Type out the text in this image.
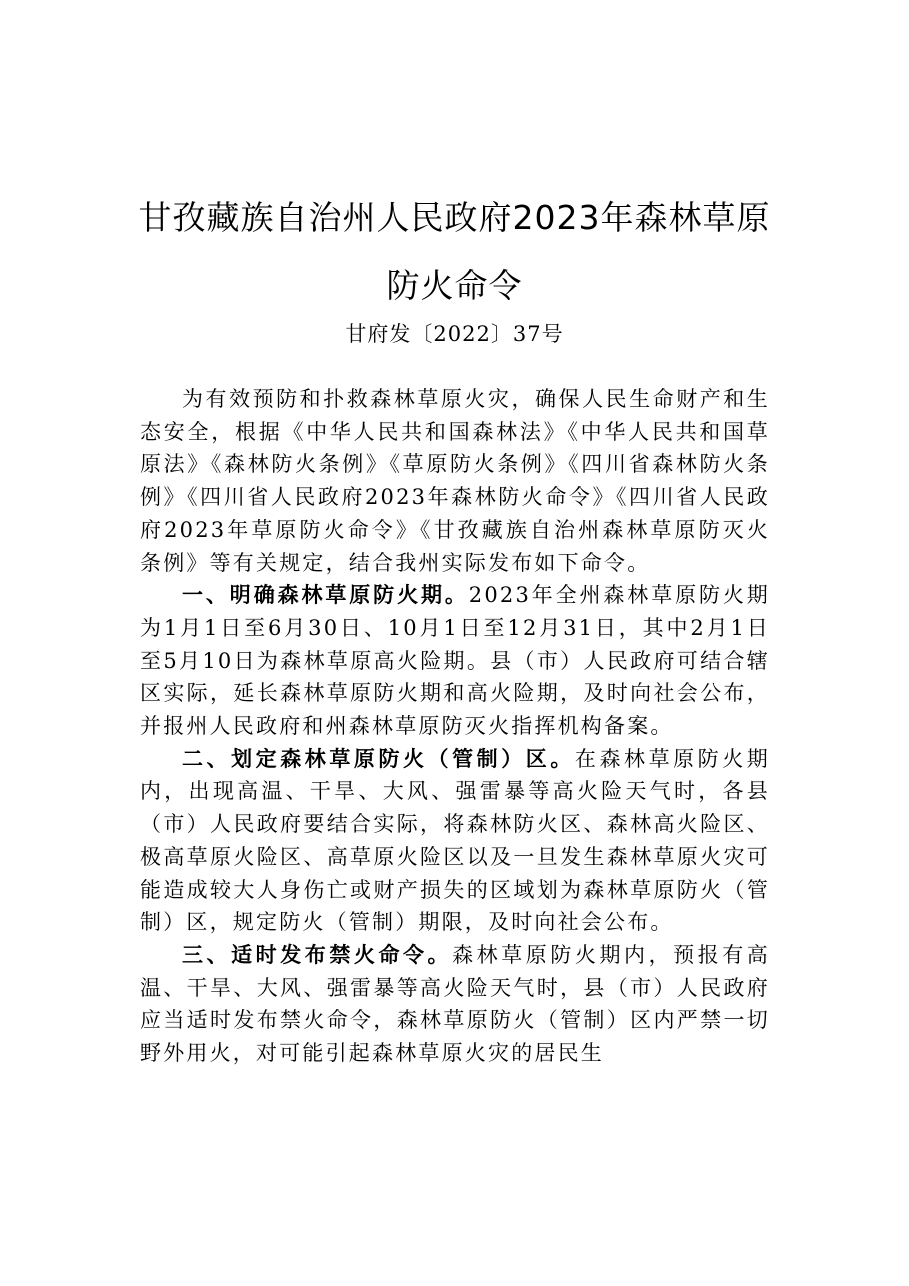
甘孜藏族自治州人民政府2023年森林草原
防火命令
甘府发〔2022〕37号

为有效预防和扑救森林草原火灾，确保人民生命财产和生态安全，根据《中华人民共和国森林法》《中华人民共和国草原法》《森林防火条例》《草原防火条例》《四川省森林防火条例》《四川省人民政府2023年森林防火命令》《四川省人民政府2023年草原防火命令》《甘孜藏族自治州森林草原防灭火条例》等有关规定，结合我州实际发布如下命令。

一、明确森林草原防火期。2023年全州森林草原防火期为1月1日至6月30日、10月1日至12月31日，其中2月1日至5月10日为森林草原高火险期。县（市）人民政府可结合辖区实际，延长森林草原防火期和高火险期，及时向社会公布，并报州人民政府和州森林草原防灭火指挥机构备案。

二、划定森林草原防火（管制）区。在森林草原防火期内，出现高温、干旱、大风、强雷暴等高火险天气时，各县（市）人民政府要结合实际，将森林防火区、森林高火险区、极高草原火险区、高草原火险区以及一旦发生森林草原火灾可能造成较大人身伤亡或财产损失的区域划为森林草原防火（管制）区，规定防火（管制）期限，及时向社会公布。

三、适时发布禁火命令。森林草原防火期内，预报有高温、干旱、大风、强雷暴等高火险天气时，县（市）人民政府应当适时发布禁火命令，森林草原防火（管制）区内严禁一切野外用火，对可能引起森林草原火灾的居民生
